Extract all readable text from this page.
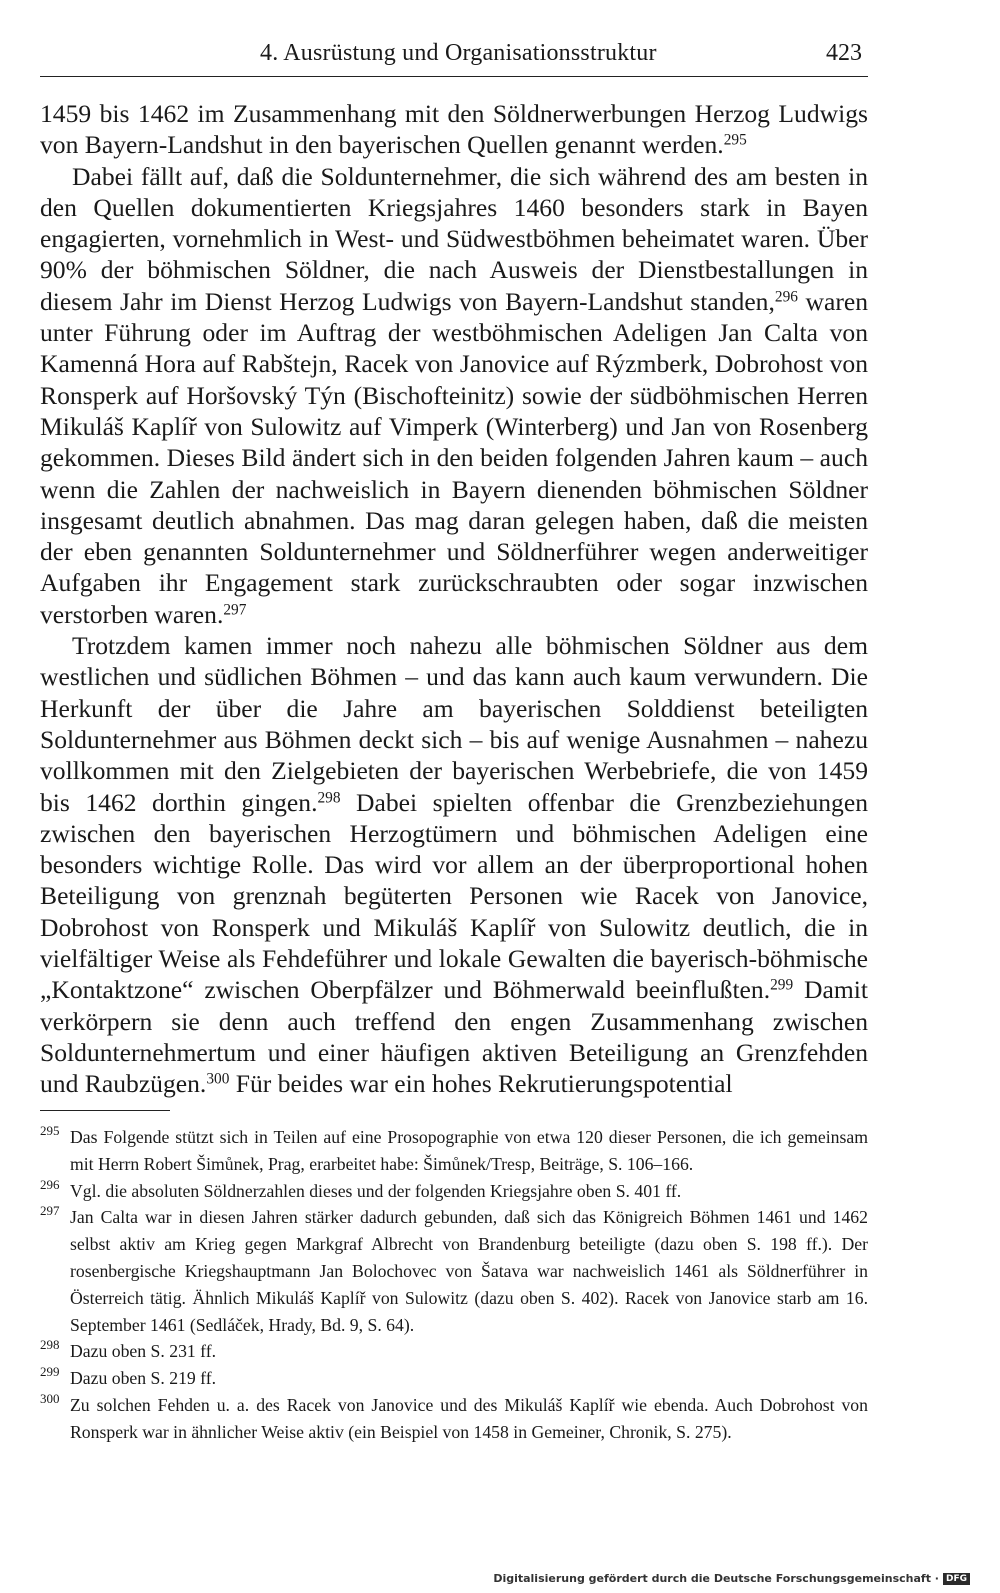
4. Ausrüstung und Organisationsstruktur	423

1459 bis 1462 im Zusammenhang mit den Söldnerwerbungen Herzog Ludwigs von Bayern-Landshut in den bayerischen Quellen genannt werden.$^{295}$

Dabei fällt auf, daß die Soldunternehmer, die sich während des am besten in den Quellen dokumentierten Kriegsjahres 1460 besonders stark in Bayen engagierten, vornehmlich in West- und Südwestböhmen beheimatet waren. Über 90% der böhmischen Söldner, die nach Ausweis der Dienstbestallungen in diesem Jahr im Dienst Herzog Ludwigs von Bayern-Landshut standen,$^{296}$ waren unter Führung oder im Auftrag der westböhmischen Adeligen Jan Calta von Kamenná Hora auf Rabštejn, Racek von Janovice auf Rýzmberk, Dobrohost von Ronsperk auf Horšovský Týn (Bischofteinitz) sowie der südböhmischen Herren Mikuláš Kaplíř von Sulowitz auf Vimperk (Winterberg) und Jan von Rosenberg gekommen. Dieses Bild ändert sich in den beiden folgenden Jahren kaum – auch wenn die Zahlen der nachweislich in Bayern dienenden böhmischen Söldner insgesamt deutlich abnahmen. Das mag daran gelegen haben, daß die meisten der eben genannten Soldunternehmer und Söldnerführer wegen anderweitiger Aufgaben ihr Engagement stark zurückschraubten oder sogar inzwischen verstorben waren.$^{297}$

Trotzdem kamen immer noch nahezu alle böhmischen Söldner aus dem westlichen und südlichen Böhmen – und das kann auch kaum verwundern. Die Herkunft der über die Jahre am bayerischen Solddienst beteiligten Soldunternehmer aus Böhmen deckt sich – bis auf wenige Ausnahmen – nahezu vollkommen mit den Zielgebieten der bayerischen Werbebriefe, die von 1459 bis 1462 dorthin gingen.$^{298}$ Dabei spielten offenbar die Grenzbeziehungen zwischen den bayerischen Herzogtümern und böhmischen Adeligen eine besonders wichtige Rolle. Das wird vor allem an der überproportional hohen Beteiligung von grenznah begüterten Personen wie Racek von Janovice, Dobrohost von Ronsperk und Mikuláš Kaplíř von Sulowitz deutlich, die in vielfältiger Weise als Fehdeführer und lokale Gewalten die bayerisch-böhmische „Kontaktzone“ zwischen Oberpfälzer und Böhmerwald beeinflußten.$^{299}$ Damit verkörpern sie denn auch treffend den engen Zusammenhang zwischen Soldunternehmertum und einer häufigen aktiven Beteiligung an Grenzfehden und Raubzügen.$^{300}$ Für beides war ein hohes Rekrutierungspotential

295 Das Folgende stützt sich in Teilen auf eine Prosopographie von etwa 120 dieser Personen, die ich gemeinsam mit Herrn Robert Šimůnek, Prag, erarbeitet habe: Šimůnek/Tresp, Beiträge, S. 106–166.
296 Vgl. die absoluten Söldnerzahlen dieses und der folgenden Kriegsjahre oben S. 401 ff.
297 Jan Calta war in diesen Jahren stärker dadurch gebunden, daß sich das Königreich Böhmen 1461 und 1462 selbst aktiv am Krieg gegen Markgraf Albrecht von Brandenburg beteiligte (dazu oben S. 198 ff.). Der rosenbergische Kriegshauptmann Jan Bolochovec von Šatava war nachweislich 1461 als Söldnerführer in Österreich tätig. Ähnlich Mikuláš Kaplíř von Sulowitz (dazu oben S. 402). Racek von Janovice starb am 16. September 1461 (Sedláček, Hrady, Bd. 9, S. 64).
298 Dazu oben S. 231 ff.
299 Dazu oben S. 219 ff.
300 Zu solchen Fehden u. a. des Racek von Janovice und des Mikuláš Kaplíř wie ebenda. Auch Dobrohost von Ronsperk war in ähnlicher Weise aktiv (ein Beispiel von 1458 in Gemeiner, Chronik, S. 275).
Digitalisierung gefördert durch die Deutsche Forschungsgemeinschaft · DFG
